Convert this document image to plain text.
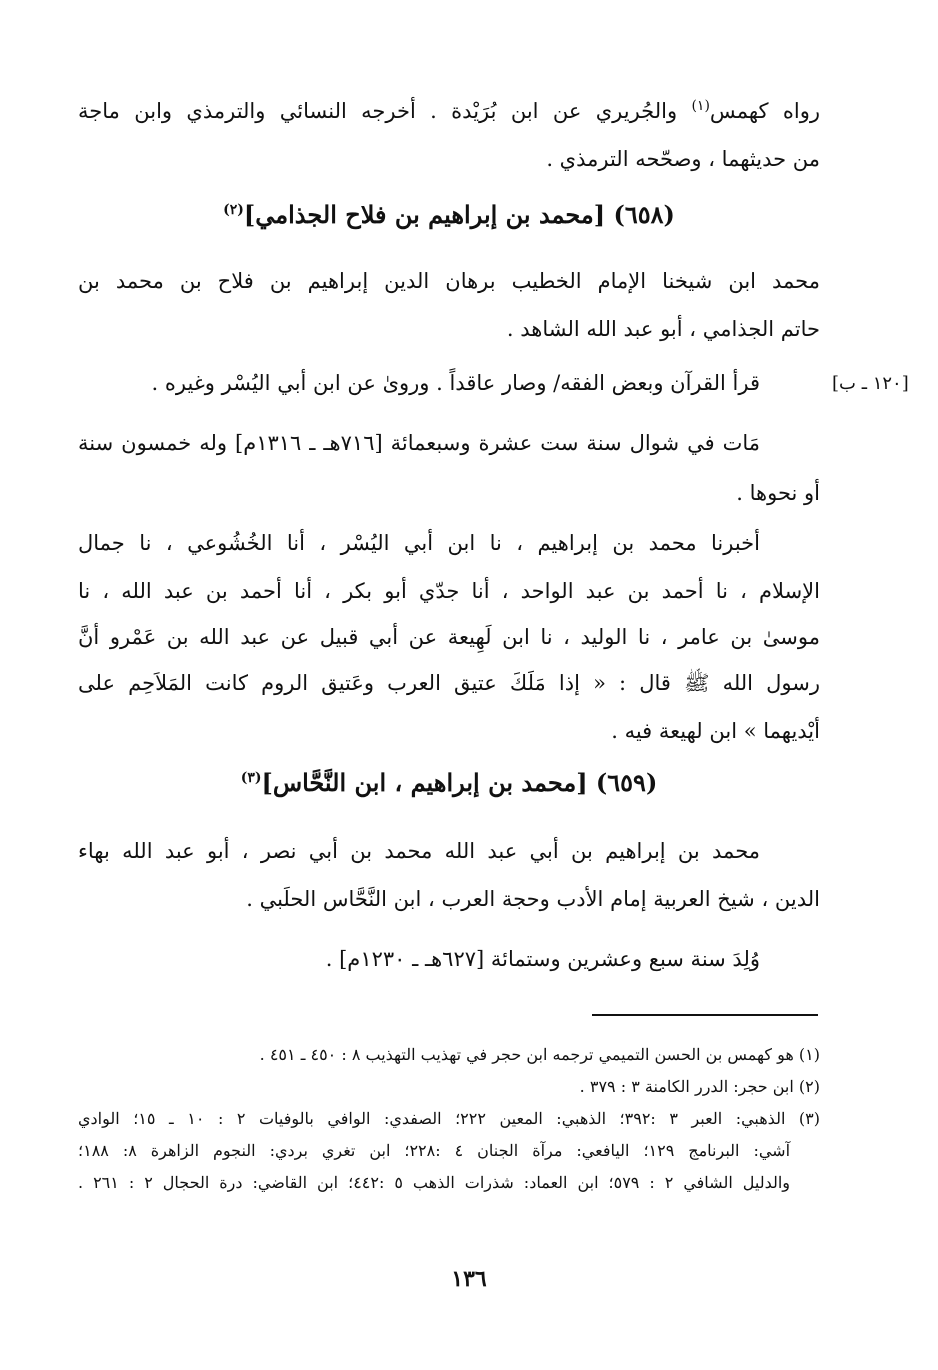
رواه كهمس$^{(١)}$ والجُريري عن ابن بُرَيْدة . أخرجه النسائي والترمذي وابن ماجة
من حديثهما ، وصحّحه الترمذي .
(٦٥٨) [محمد بن إبراهيم بن فلاح الجذامي]$^{(٢)}$
محمد ابن شيخنا الإمام الخطيب برهان الدين إبراهيم بن فلاح بن محمد بن
حاتم الجذامي ، أبو عبد الله الشاهد .
قرأ القرآن وبعض الفقه/ وصار عاقداً . وروىٰ عن ابن أبي اليُسْر وغيره .	[١٢٠ ـ ب]
مَات في شوال سنة ست عشرة وسبعمائة [٧١٦هـ ـ ١٣١٦م] وله خمسون سنة
أو نحوها .
أخبرنا محمد بن إبراهيم ، نا ابن أبي اليُسْر ، أنا الخُشُوعي ، نا جمال
الإسلام ، نا أحمد بن عبد الواحد ، أنا جدّي أبو بكر ، أنا أحمد بن عبد الله ، نا
موسىٰ بن عامر ، نا الوليد ، نا ابن لَهِيعة عن أبي قبيل عن عبد الله بن عَمْرو أنَّ
رسول الله ﷺ قال : « إذا مَلَكَ عتيق العرب وعَتيق الروم كانت المَلاَحِم على
أيْديهما » ابن لهيعة فيه .
(٦٥٩) [محمد بن إبراهيم ، ابن النَّحَّاس]$^{(٣)}$
محمد بن إبراهيم بن أبي عبد الله محمد بن أبي نصر ، أبو عبد الله بهاء
الدين ، شيخ العربية إمام الأدب وحجة العرب ، ابن النَّحَّاس الحلَبي .
وُلِدَ سنة سبع وعشرين وستمائة [٦٢٧هـ ـ ١٢٣٠م] .
(١) هو كهمس بن الحسن التميمي ترجمه ابن حجر في تهذيب التهذيب ٨ : ٤٥٠ ـ ٤٥١ .
(٢) ابن حجر: الدرر الكامنة ٣ : ٣٧٩ .
(٣) الذهبي: العبر ٣ :٣٩٢؛ الذهبي: المعين ٢٢٢؛ الصفدي: الوافي بالوفيات ٢ : ١٠ ـ ١٥؛ الوادي
آشي: البرنامج ١٢٩؛ اليافعي: مرآة الجنان ٤ :٢٢٨؛ ابن تغري بردي: النجوم الزاهرة ٨: ١٨٨؛
والدليل الشافي ٢ : ٥٧٩؛ ابن العماد: شذرات الذهب ٥ :٤٤٢؛ ابن القاضي: درة الحجال ٢ : ٢٦١ .
١٣٦
